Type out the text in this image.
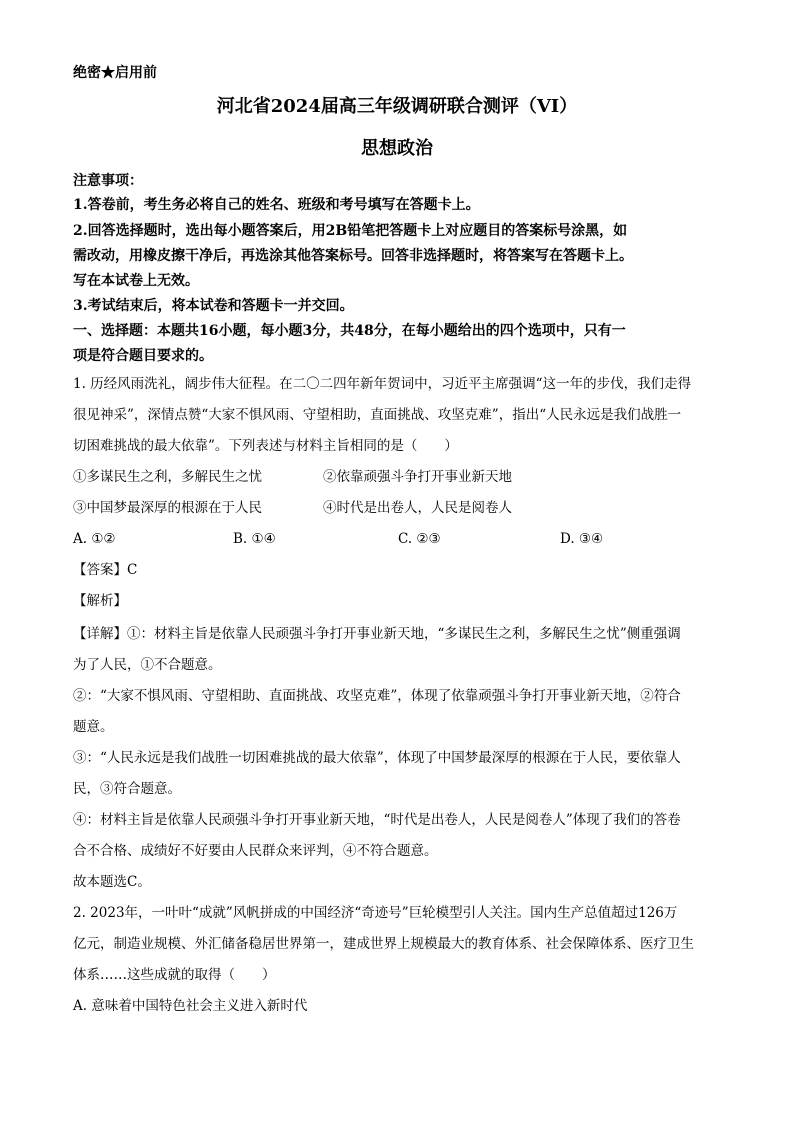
绝密★启用前
河北省2024届高三年级调研联合测评（VI）
思想政治
注意事项：
1.答卷前，考生务必将自己的姓名、班级和考号填写在答题卡上。
2.回答选择题时，选出每小题答案后，用2B铅笔把答题卡上对应题目的答案标号涂黑，如
需改动，用橡皮擦干净后，再选涂其他答案标号。回答非选择题时，将答案写在答题卡上。
写在本试卷上无效。
3.考试结束后，将本试卷和答题卡一并交回。
一、选择题：本题共16小题，每小题3分，共48分，在每小题给出的四个选项中，只有一
项是符合题目要求的。
1. 历经风雨洗礼，阔步伟大征程。在二〇二四年新年贺词中，习近平主席强调“这一年的步伐，我们走得
很见神采”，深情点赞“大家不惧风雨、守望相助，直面挑战、攻坚克难”，指出“人民永远是我们战胜一
切困难挑战的最大依靠”。下列表述与材料主旨相同的是（　　）
①多谋民生之利，多解民生之忧	②依靠顽强斗争打开事业新天地
③中国梦最深厚的根源在于人民	④时代是出卷人，人民是阅卷人
A. ①②	B. ①④	C. ②③	D. ③④
【答案】C
【解析】
【详解】①：材料主旨是依靠人民顽强斗争打开事业新天地，“多谋民生之利，多解民生之忧”侧重强调
为了人民，①不合题意。
②：“大家不惧风雨、守望相助、直面挑战、攻坚克难”，体现了依靠顽强斗争打开事业新天地，②符合
题意。
③：“人民永远是我们战胜一切困难挑战的最大依靠”，体现了中国梦最深厚的根源在于人民，要依靠人
民，③符合题意。
④：材料主旨是依靠人民顽强斗争打开事业新天地，“时代是出卷人，人民是阅卷人”体现了我们的答卷
合不合格、成绩好不好要由人民群众来评判，④不符合题意。
故本题选C。
2. 2023年，一叶叶“成就”风帆拼成的中国经济“奇迹号”巨轮模型引人关注。国内生产总值超过126万
亿元，制造业规模、外汇储备稳居世界第一，建成世界上规模最大的教育体系、社会保障体系、医疗卫生
体系……这些成就的取得（　　）
A. 意味着中国特色社会主义进入新时代
